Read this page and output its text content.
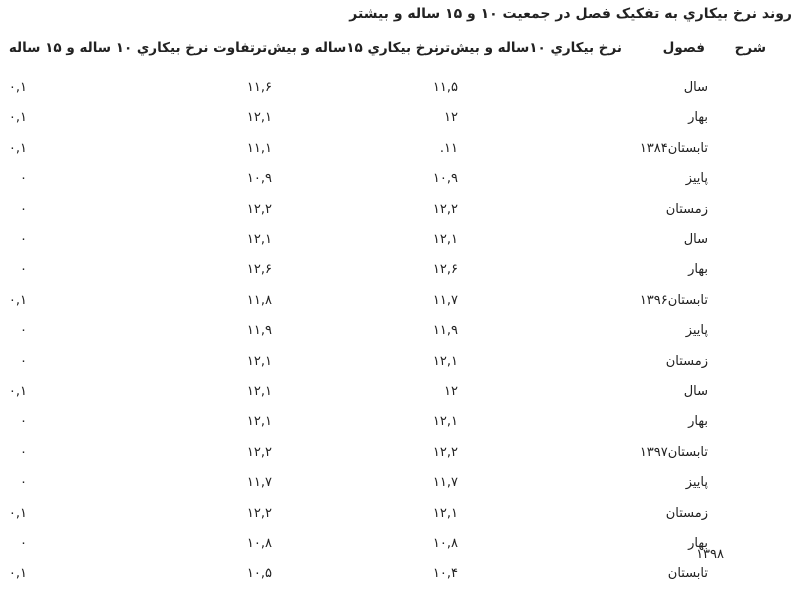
روند نرخ بيکاري به تفکيک فصل در جمعيت ۱۰ و ۱۵ ساله و بيشتر
شرح
فصول
نرخ بيکاري ۱۰ساله و بيش‌تر
نرخ بيکاري ۱۵ساله و بيش‌تر
تفاوت نرخ بيکاري ۱۰ ساله و ۱۵ ساله
سال
۱۱,۵
۱۱,۶
۰,۱
بهار
۱۲
۱۲,۱
۰,۱
تابستان۱۳۸۴
۱۱.
۱۱,۱
۰,۱
پاييز
۱۰,۹
۱۰,۹
۰
زمستان
۱۲,۲
۱۲,۲
۰
سال
۱۲,۱
۱۲,۱
۰
بهار
۱۲,۶
۱۲,۶
۰
تابستان۱۳۹۶
۱۱,۷
۱۱,۸
۰,۱
پاييز
۱۱,۹
۱۱,۹
۰
زمستان
۱۲,۱
۱۲,۱
۰
سال
۱۲
۱۲,۱
۰,۱
بهار
۱۲,۱
۱۲,۱
۰
تابستان۱۳۹۷
۱۲,۲
۱۲,۲
۰
پاييز
۱۱,۷
۱۱,۷
۰
زمستان
۱۲,۱
۱۲,۲
۰,۱
بهار
۱۰,۸
۱۰,۸
۰
تابستان
۱۰,۴
۱۰,۵
۰,۱
۱۳۹۸
